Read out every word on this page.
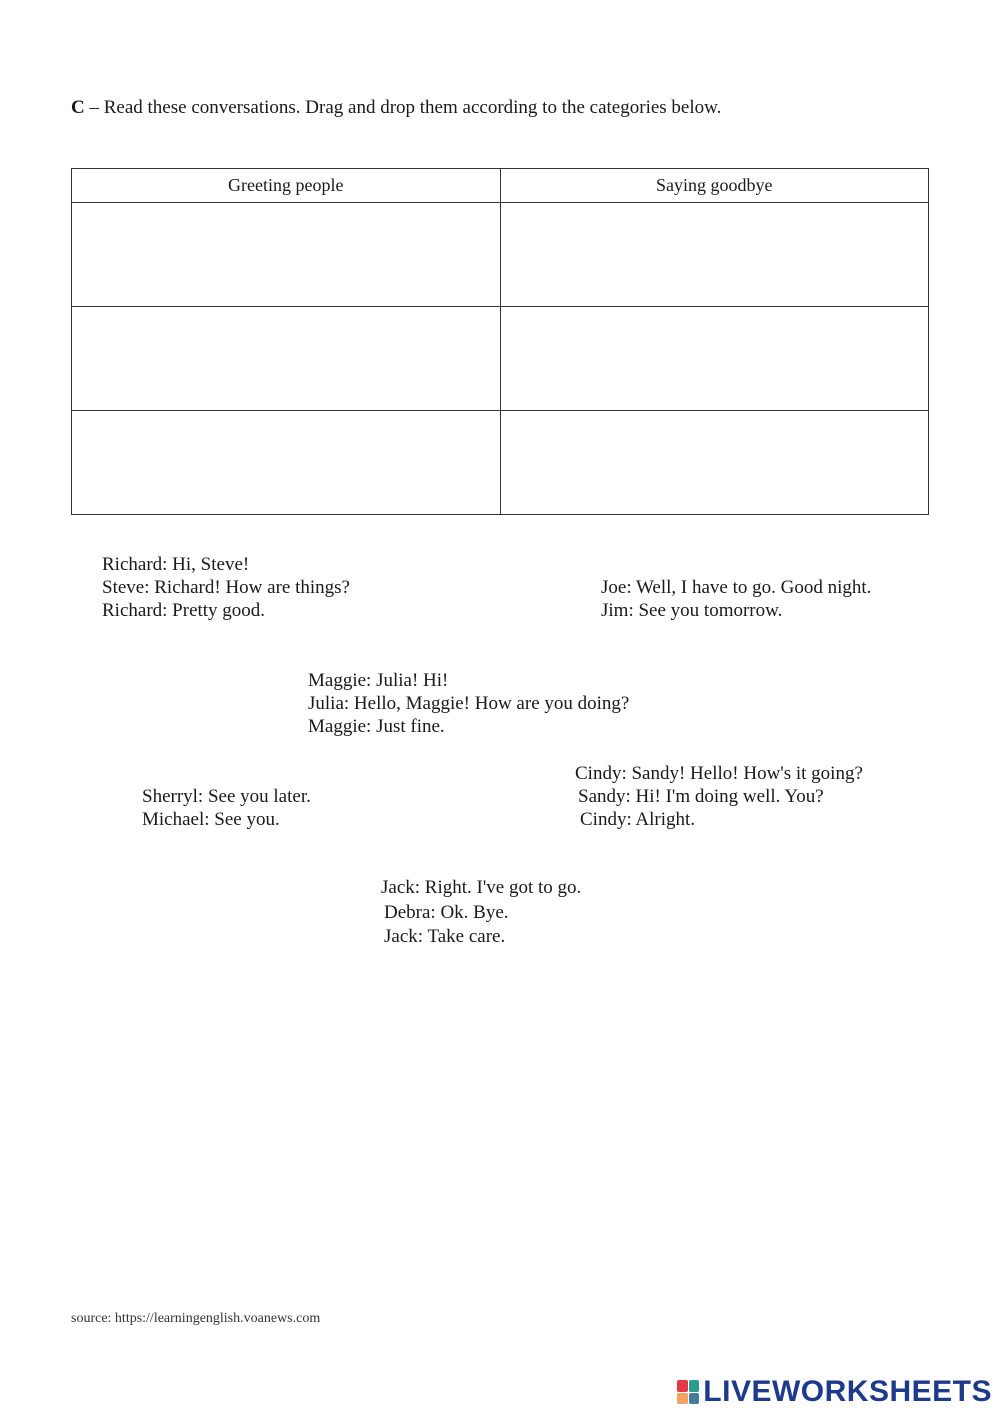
C – Read these conversations. Drag and drop them according to the categories below.
Greeting people	Saying goodbye

Richard: Hi, Steve!
Steve: Richard! How are things?
Richard: Pretty good.
Joe: Well, I have to go. Good night.
Jim: See you tomorrow.
Maggie: Julia! Hi!
Julia: Hello, Maggie! How are you doing?
Maggie: Just fine.
Cindy: Sandy! Hello! How's it going?
Sandy: Hi! I'm doing well. You?
Cindy: Alright.
Sherryl: See you later.
Michael: See you.
Jack: Right. I've got to go.
Debra: Ok. Bye.
Jack: Take care.
source: https://learningenglish.voanews.com
LIVEWORKSHEETS
